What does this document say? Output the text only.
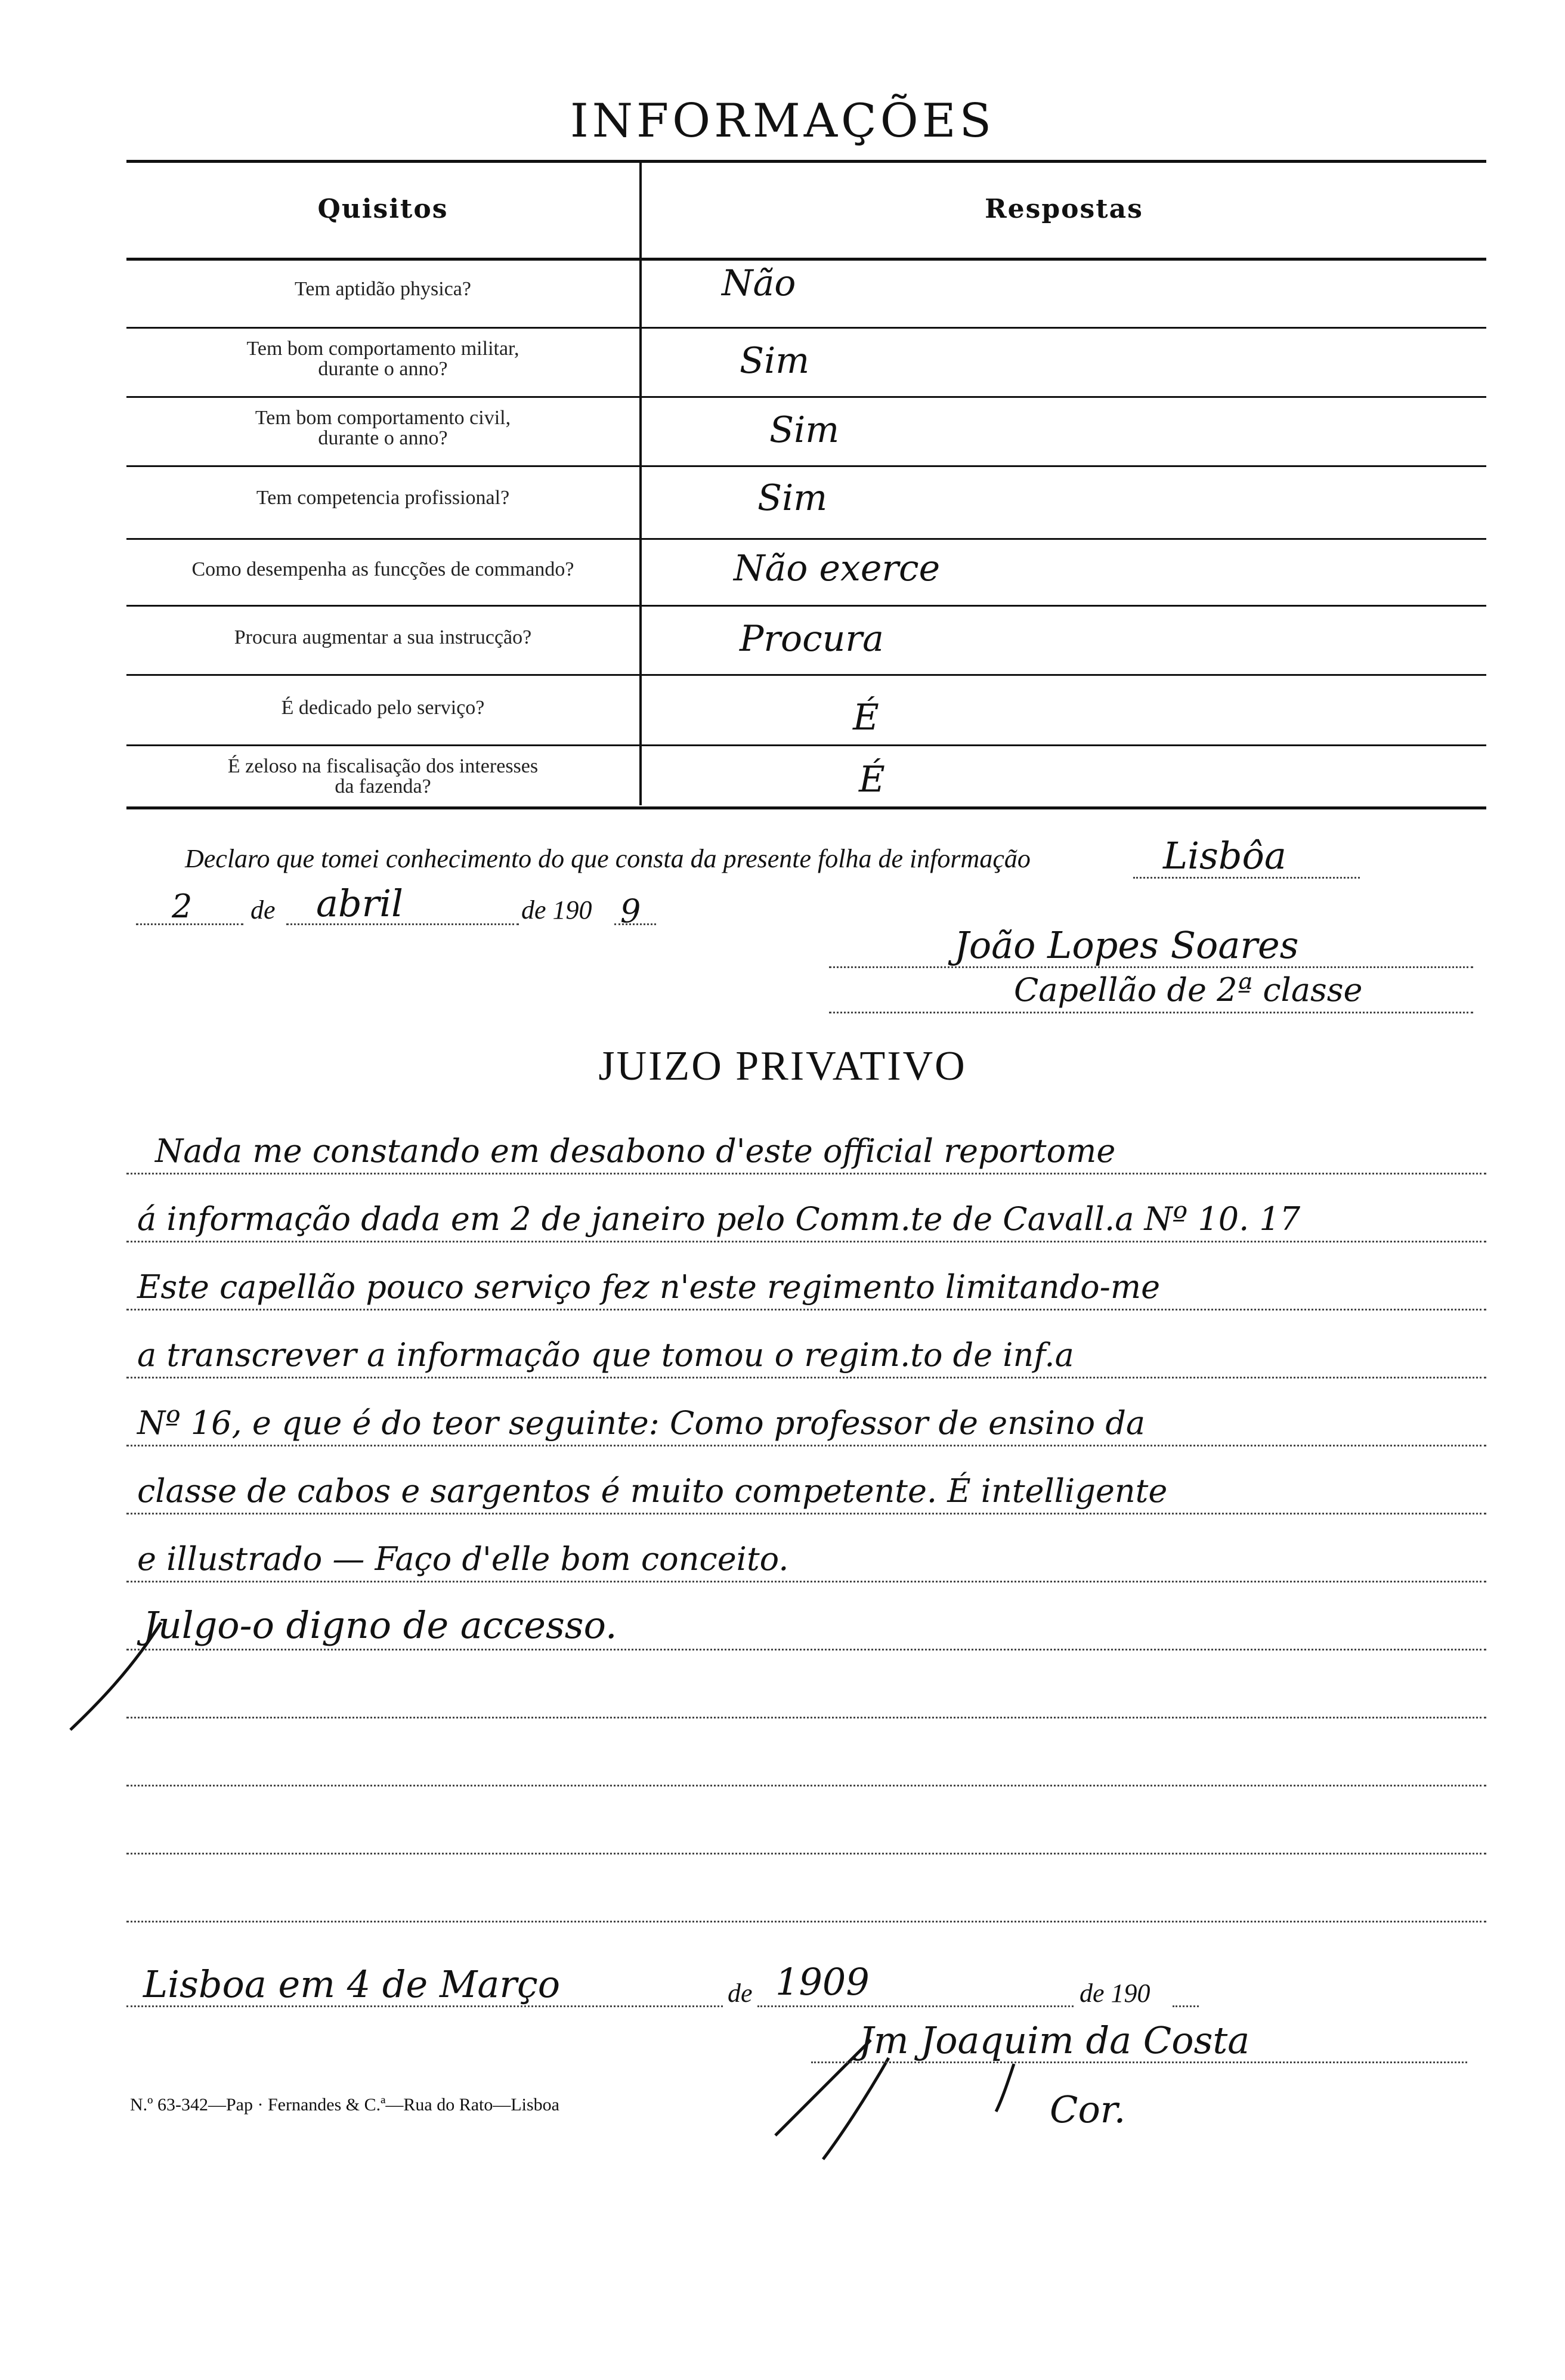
INFORMAÇÕES
Quisitos	Respostas
Tem aptidão physica?	Não
Tem bom comportamento militar,
durante o anno?	Sim
Tem bom comportamento civil,
durante o anno?	Sim
Tem competencia profissional?	Sim
Como desempenha as funcções de commando?	Não exerce
Procura augmentar a sua instrucção?	Procura
É dedicado pelo serviço?	É
É zeloso na fiscalisação dos interesses
da fazenda?	É
Declaro que tomei conhecimento do que consta da presente folha de informação	Lisbôa
2 de abril	de 190 9
João Lopes Soares
Capellão de 2ª classe
JUIZO PRIVATIVO
Nada me constando em desabono d'este official reportome
á informação dada em 2 de janeiro pelo Comm.te de Cavall.a Nº 10. 17
Este capellão pouco serviço fez n'este regimento limitando-me
a transcrever a informação que tomou o regim.to de inf.a
Nº 16, e que é do teor seguinte: Como professor de ensino da
classe de cabos e sargentos é muito competente. É intelligente
e illustrado — Faço d'elle bom conceito.
Julgo-o digno de accesso.
Lisboa em 4 de Março	de 1909	de 190
Jm Joaquim da Costa
Cor.
N.º 63-342—Pap · Fernandes & C.ª—Rua do Rato—Lisboa
